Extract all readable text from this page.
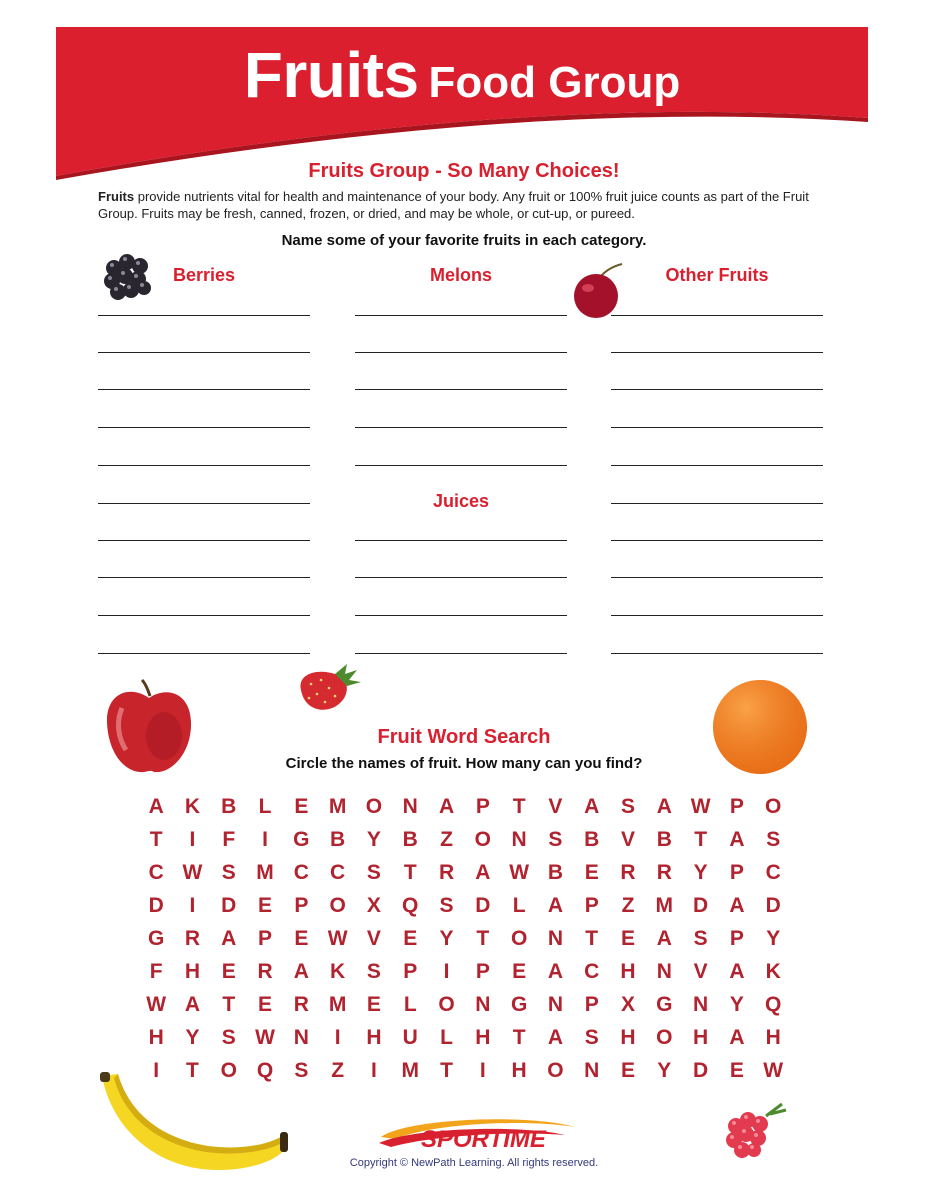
Fruits Food Group
Fruits Group - So Many Choices!
Fruits provide nutrients vital for health and maintenance of your body. Any fruit or 100% fruit juice counts as part of the Fruit Group. Fruits may be fresh, canned, frozen, or dried, and may be whole, or cut-up, or pureed.
Name some of your favorite fruits in each category.
Berries	Melons	Other Fruits
Juices
Fruit Word Search
Circle the names of fruit. How many can you find?
A	K	B	L	E M O N	A	P	T	V	A	S	A W P	O
T	I	F	I	G B	Y	B	Z	O N	S	B	V	B	T	A	S
C W S M C	C	S	T	R	A W B	E	R	R	Y	P	C
D	I	D	E	P	O	X	Q	S	D	L	A	P	Z	M D	A	D
G R	A	P	E W V	E	Y	T	O N	T	E	A	S	P	Y
F	H	E	R	A	K	S	P	I	P	E	A	C	H	N	V	A	K
W A	T	E	R M E	L	O N G N	P	X	G N	Y	Q
H	Y	S W N	I	H	U	L	H	T	A	S	H O H	A	H
I	T	O Q	S	Z	I	M	T	I	H O N	E	Y	D	E W
SPORTIME
Copyright © NewPath Learning. All rights reserved.
